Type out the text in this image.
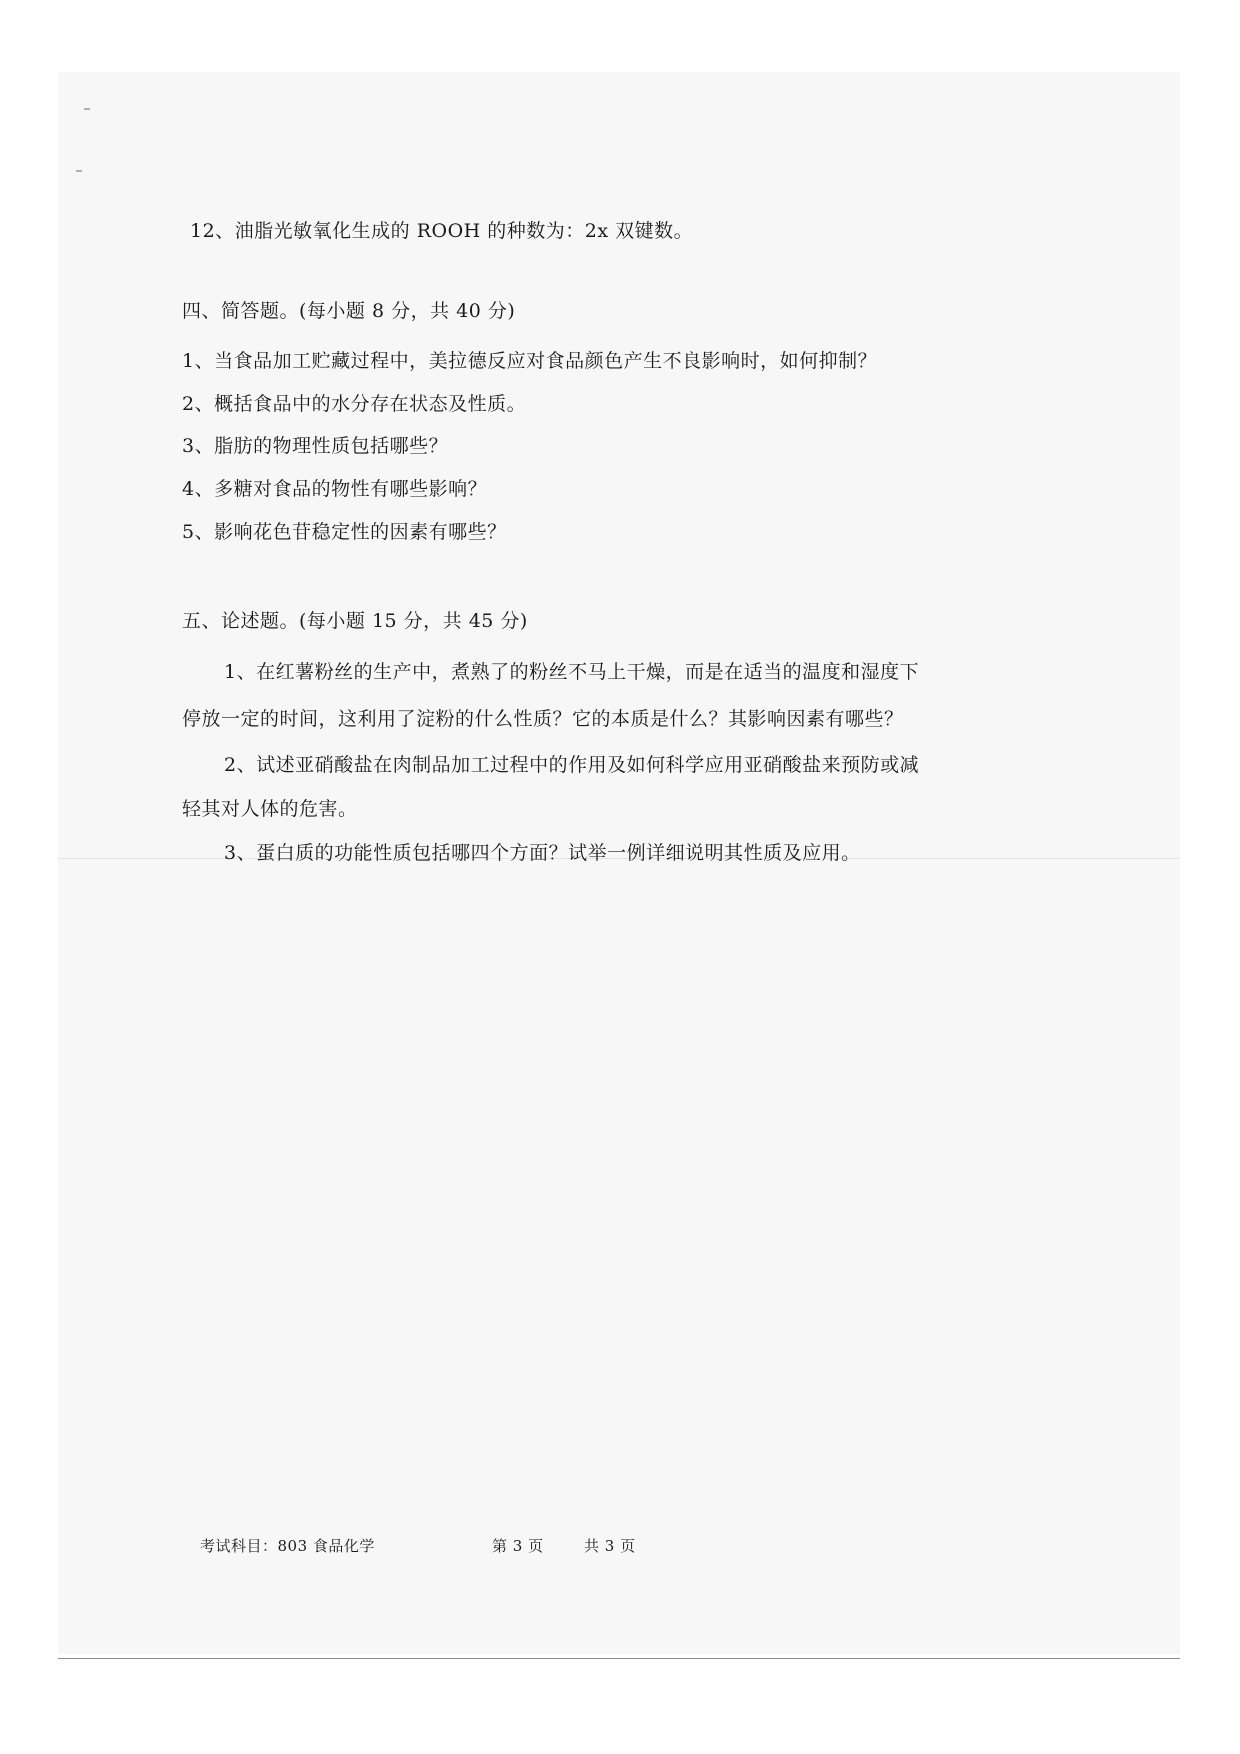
12、油脂光敏氧化生成的 ROOH 的种数为：2x 双键数。
四、简答题。(每小题 8 分，共 40 分)
1、当食品加工贮藏过程中，美拉德反应对食品颜色产生不良影响时，如何抑制？
2、概括食品中的水分存在状态及性质。
3、脂肪的物理性质包括哪些？
4、多糖对食品的物性有哪些影响？
5、影响花色苷稳定性的因素有哪些？
五、论述题。(每小题 15 分，共 45 分)
1、在红薯粉丝的生产中，煮熟了的粉丝不马上干燥，而是在适当的温度和湿度下
停放一定的时间，这利用了淀粉的什么性质？它的本质是什么？其影响因素有哪些？
2、试述亚硝酸盐在肉制品加工过程中的作用及如何科学应用亚硝酸盐来预防或减
轻其对人体的危害。
3、蛋白质的功能性质包括哪四个方面？试举一例详细说明其性质及应用。
考试科目：803 食品化学	第 3 页	共 3 页
